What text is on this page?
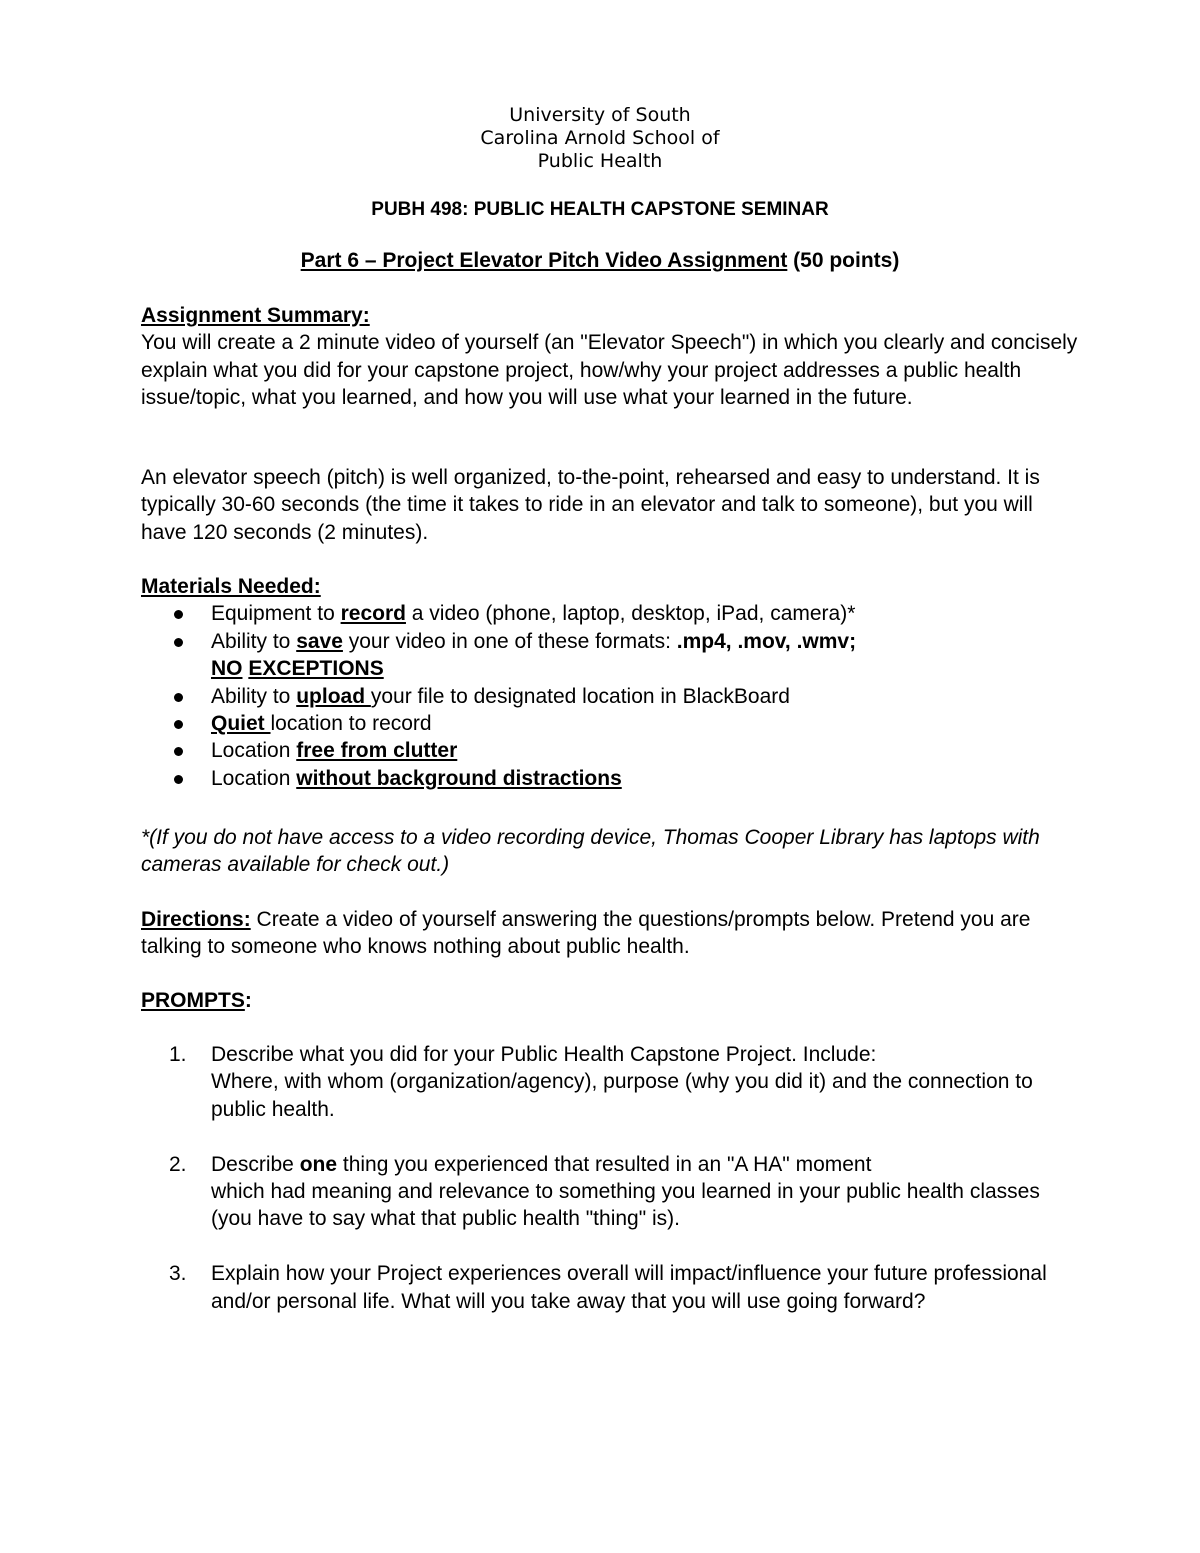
University of South
Carolina Arnold School of
Public Health
PUBH 498: PUBLIC HEALTH CAPSTONE SEMINAR
Part 6 – Project Elevator Pitch Video Assignment (50 points)

Assignment Summary:

You will create a 2 minute video of yourself (an "Elevator Speech") in which you clearly and concisely explain what you did for your capstone project, how/why your project addresses a public health issue/topic, what you learned, and how you will use what your learned in the future.

An elevator speech (pitch) is well organized, to-the-point, rehearsed and easy to understand. It is typically 30-60 seconds (the time it takes to ride in an elevator and talk to someone), but you will have 120 seconds (2 minutes).

Materials Needed:

Equipment to record a video (phone, laptop, desktop, iPad, camera)*
Ability to save your video in one of these formats: .mp4, .mov, .wmv;
NO EXCEPTIONS
Ability to upload your file to designated location in BlackBoard
Quiet location to record
Location free from clutter
Location without background distractions
*(If you do not have access to a video recording device, Thomas Cooper Library has laptops with cameras available for check out.)
Directions: Create a video of yourself answering the questions/prompts below. Pretend you are talking to someone who knows nothing about public health.
PROMPTS:
1. Describe what you did for your Public Health Capstone Project. Include:
Where, with whom (organization/agency), purpose (why you did it) and the connection to public health.
2. Describe one thing you experienced that resulted in an "A HA" moment
which had meaning and relevance to something you learned in your public health classes (you have to say what that public health "thing" is).
3. Explain how your Project experiences overall will impact/influence your future professional and/or personal life. What will you take away that you will use going forward?
